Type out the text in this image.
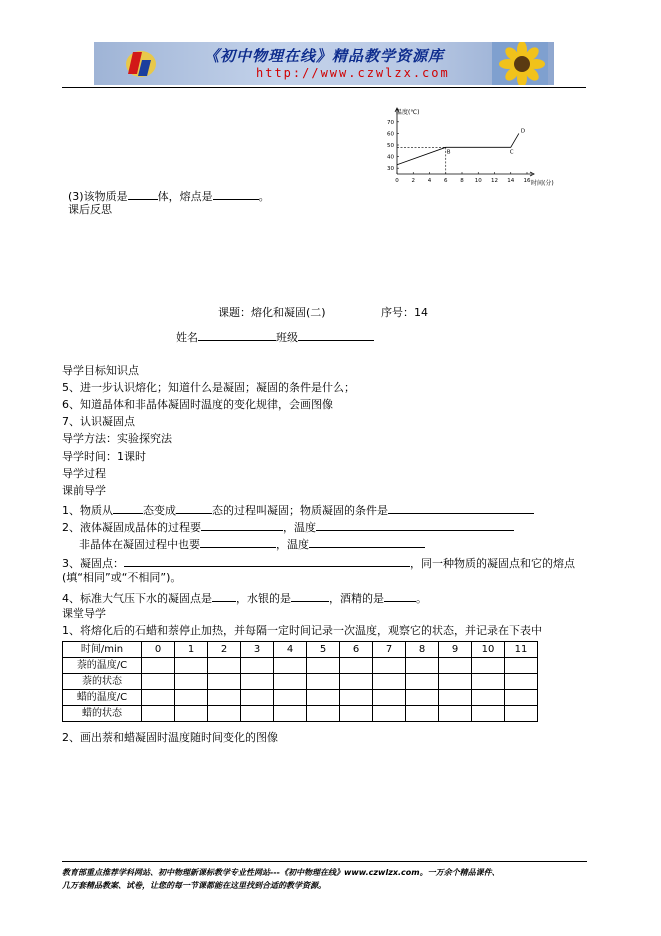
《初中物理在线》精品教学资源库
http://www.czwlzx.com
温度(℃)
时间(分)
0 2 4 6 8 10 12 14 16
30
40
50
60
70
B	C
D
(3)该物质是	体，熔点是	。
课后反思
课题：熔化和凝固(二)	序号：14
姓名	班级
导学目标知识点
5、进一步认识熔化；知道什么是凝固；凝固的条件是什么；
6、知道晶体和非晶体凝固时温度的变化规律，会画图像
7、认识凝固点
导学方法：实验探究法
导学时间：1课时
导学过程
课前导学
1、物质从	态变成	态的过程叫凝固；物质凝固的条件是
2、液体凝固成晶体的过程要	，温度
非晶体在凝固过程中也要	，温度
3、凝固点：	，同一种物质的凝固点和它的熔点
(填“相同”或“不相同”)。
4、标准大气压下水的凝固点是 ，水银的是	，酒精的是	。
课堂导学
1、将熔化后的石蜡和萘停止加热，并每隔一定时间记录一次温度，观察它的状态，并记录在下表中
时间/min	0	1	2	3	4	5	6	7	8	9	10	11
萘的温度/C												
萘的状态												
蜡的温度/C												
蜡的状态												
2、画出萘和蜡凝固时温度随时间变化的图像
教育部重点推荐学科网站、初中物理新课标教学专业性网站---《初中物理在线》www.czwlzx.com。一万余个精品课件、
几万套精品教案、试卷，让您的每一节课都能在这里找到合适的教学资源。
